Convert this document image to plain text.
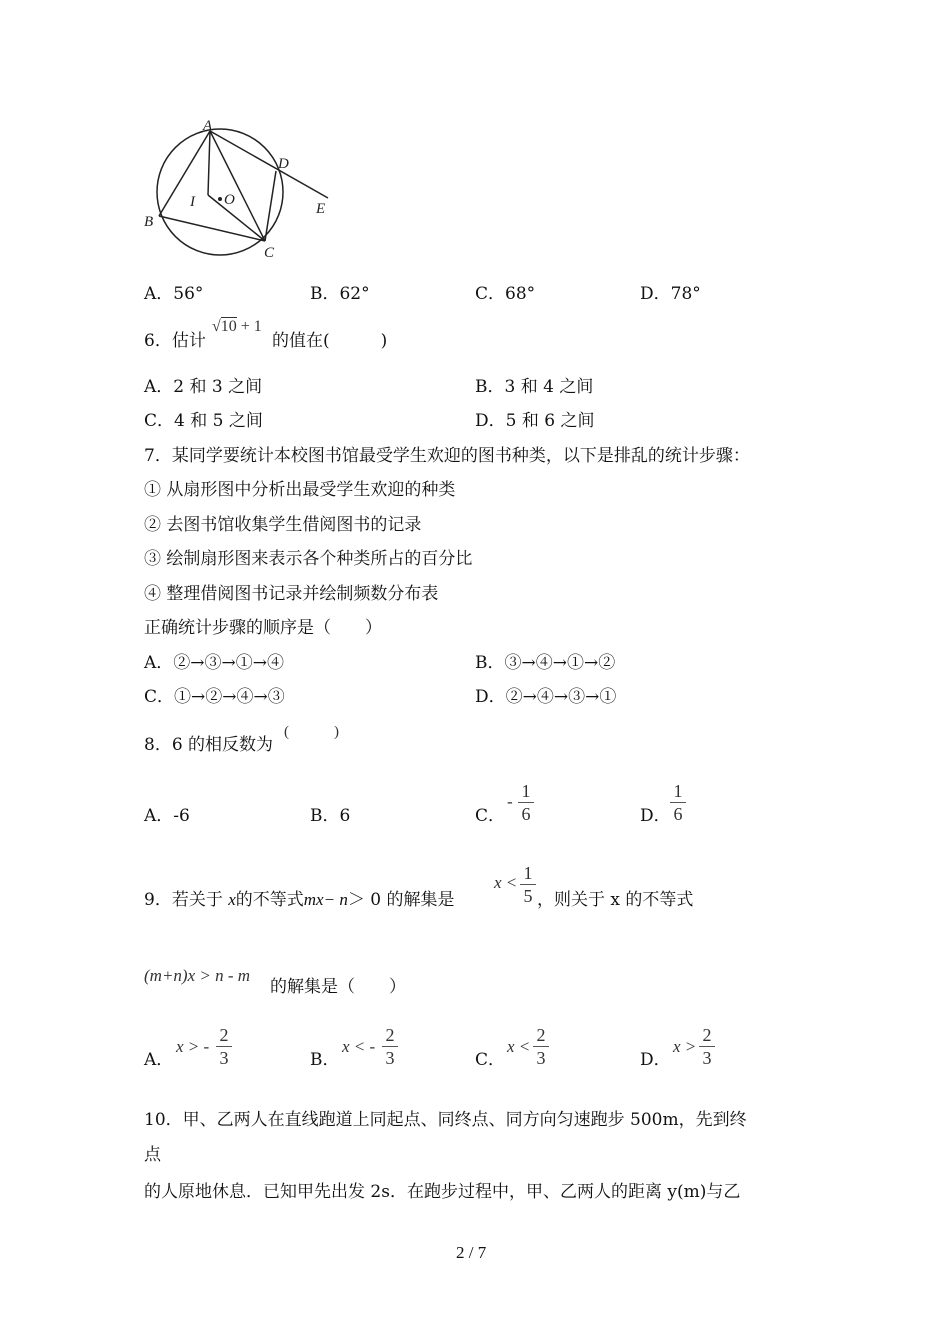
A
B
C
D
E
I O
A．56°	B．62°	C．68°	D．78°
6．估计
√10 + 1
的值在(　　　)
A．2 和 3 之间	B．3 和 4 之间
C．4 和 5 之间	D．5 和 6 之间
7．某同学要统计本校图书馆最受学生欢迎的图书种类，以下是排乱的统计步骤：
① 从扇形图中分析出最受学生欢迎的种类
② 去图书馆收集学生借阅图书的记录
③ 绘制扇形图来表示各个种类所占的百分比
④ 整理借阅图书记录并绘制频数分布表
正确统计步骤的顺序是（　　）
A．②→③→①→④	B．③→④→①→②
C．①→②→④→③	D．②→④→③→①
8．6 的相反数为
(　　　)
A．-6	B．6	C．
-
1
6	D．
1
6
9．若关于 x的不等式mx− n＞ 0 的解集是
x < 1
5 ，则关于 x 的不等式
(m+n)x > n - m
的解集是（　　）
A．
x > -
2
3	B．
x < -
2
3	C．
x <
2
3	D．
x >
2
3
10．甲、乙两人在直线跑道上同起点、同终点、同方向匀速跑步 500m，先到终
点
的人原地休息．已知甲先出发 2s．在跑步过程中，甲、乙两人的距离 y(m)与乙
2 / 7
